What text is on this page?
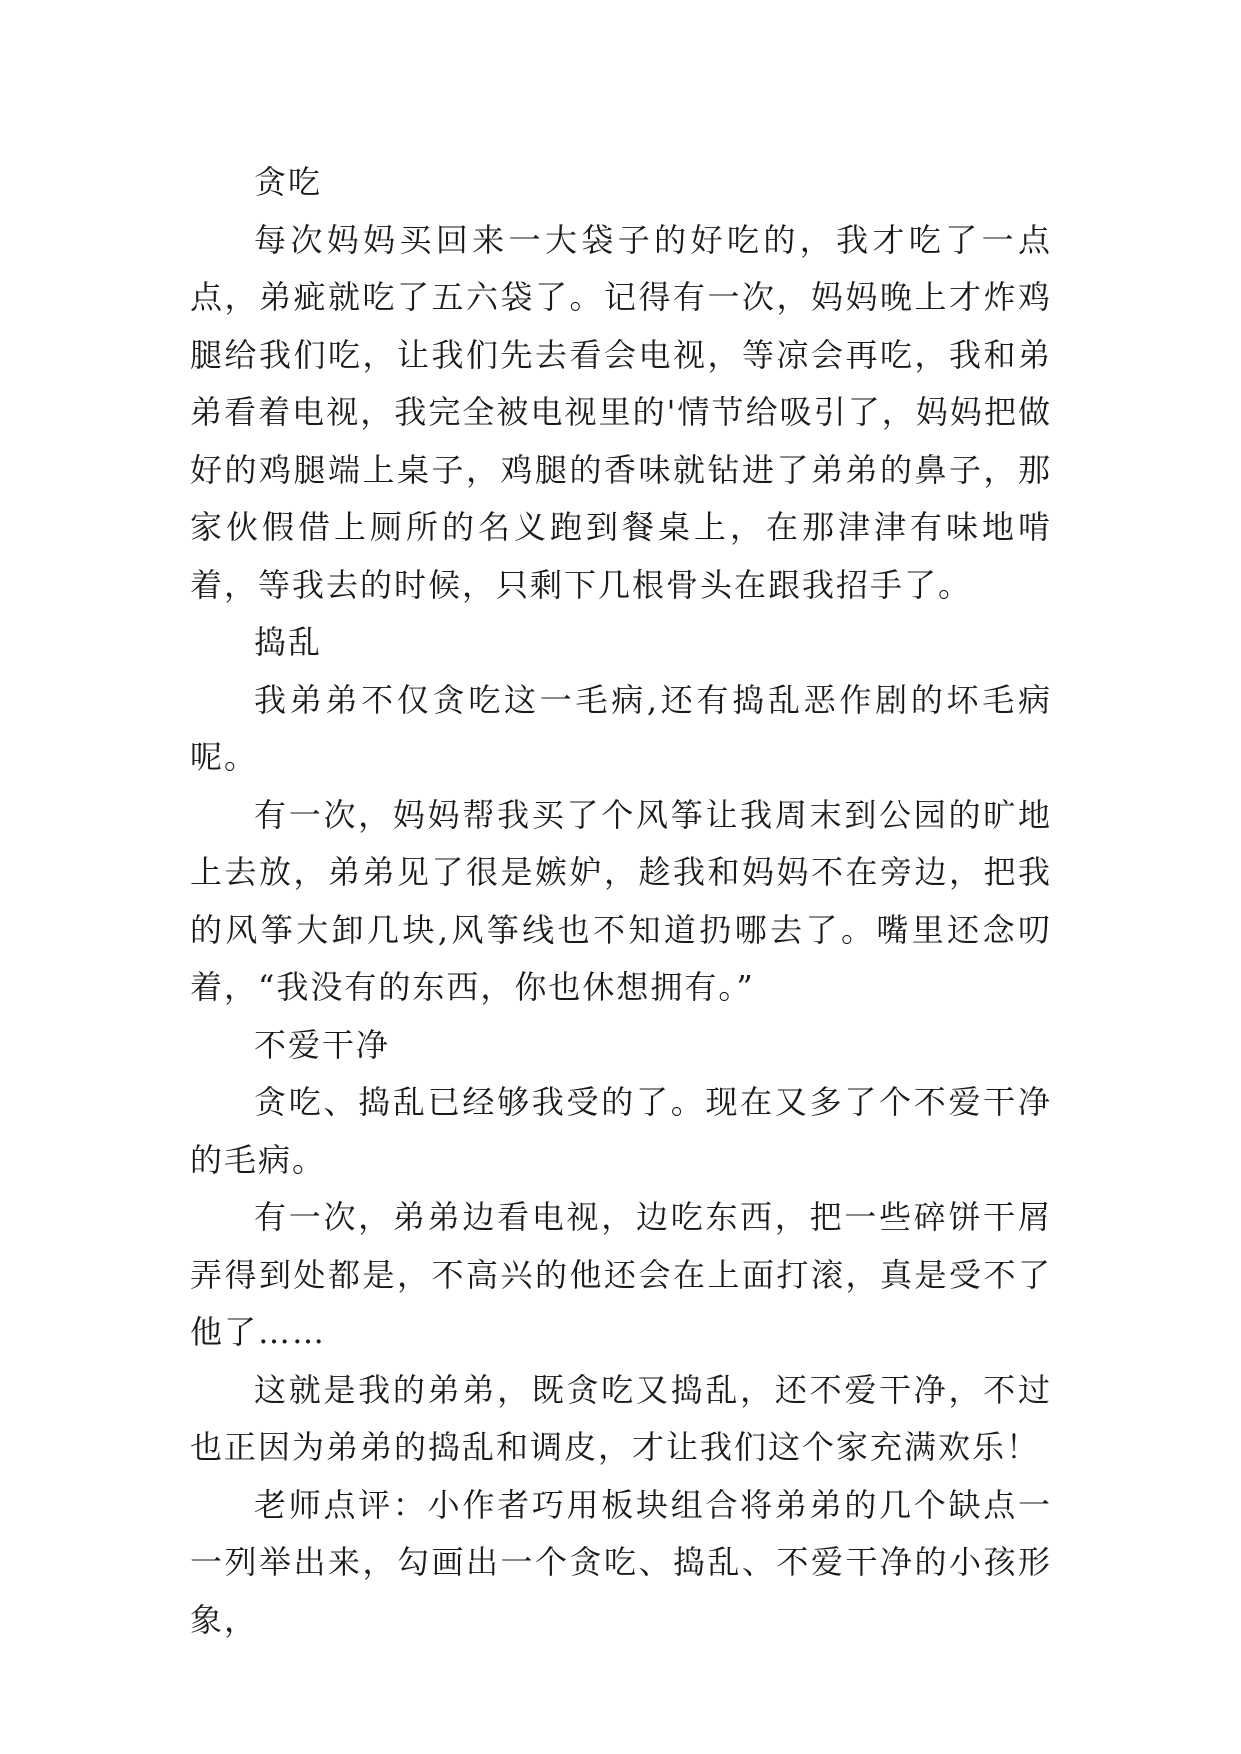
贪吃

每次妈妈买回来一大袋子的好吃的，我才吃了一点点，弟疵就吃了五六袋了。记得有一次，妈妈晚上才炸鸡腿给我们吃，让我们先去看会电视，等凉会再吃，我和弟弟看着电视，我完全被电视里的'情节给吸引了，妈妈把做好的鸡腿端上桌子，鸡腿的香味就钻进了弟弟的鼻子，那家伙假借上厕所的名义跑到餐桌上，在那津津有味地啃着，等我去的时候，只剩下几根骨头在跟我招手了。

捣乱

我弟弟不仅贪吃这一毛病,还有捣乱恶作剧的坏毛病呢。

有一次，妈妈帮我买了个风筝让我周末到公园的旷地上去放，弟弟见了很是嫉妒，趁我和妈妈不在旁边，把我的风筝大卸几块,风筝线也不知道扔哪去了。嘴里还念叨着，“我没有的东西，你也休想拥有。”

不爱干净

贪吃、捣乱已经够我受的了。现在又多了个不爱干净的毛病。

有一次，弟弟边看电视，边吃东西，把一些碎饼干屑弄得到处都是，不高兴的他还会在上面打滚，真是受不了他了……

这就是我的弟弟，既贪吃又捣乱，还不爱干净，不过也正因为弟弟的捣乱和调皮，才让我们这个家充满欢乐！

老师点评：小作者巧用板块组合将弟弟的几个缺点一一列举出来，勾画出一个贪吃、捣乱、不爱干净的小孩形象，
